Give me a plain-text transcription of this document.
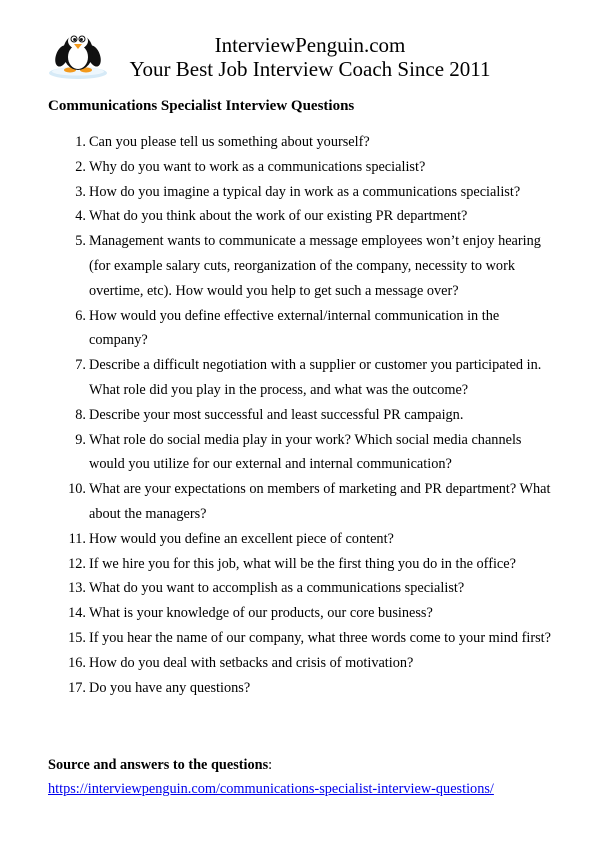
InterviewPenguin.com
Your Best Job Interview Coach Since 2011
Communications Specialist Interview Questions
1. Can you please tell us something about yourself?
2. Why do you want to work as a communications specialist?
3. How do you imagine a typical day in work as a communications specialist?
4. What do you think about the work of our existing PR department?
5. Management wants to communicate a message employees won’t enjoy hearing (for example salary cuts, reorganization of the company, necessity to work overtime, etc). How would you help to get such a message over?
6. How would you define effective external/internal communication in the company?
7. Describe a difficult negotiation with a supplier or customer you participated in. What role did you play in the process, and what was the outcome?
8. Describe your most successful and least successful PR campaign.
9. What role do social media play in your work? Which social media channels would you utilize for our external and internal communication?
10. What are your expectations on members of marketing and PR department? What about the managers?
11. How would you define an excellent piece of content?
12. If we hire you for this job, what will be the first thing you do in the office?
13. What do you want to accomplish as a communications specialist?
14. What is your knowledge of our products, our core business?
15. If you hear the name of our company, what three words come to your mind first?
16. How do you deal with setbacks and crisis of motivation?
17. Do you have any questions?
Source and answers to the questions:
https://interviewpenguin.com/communications-specialist-interview-questions/
